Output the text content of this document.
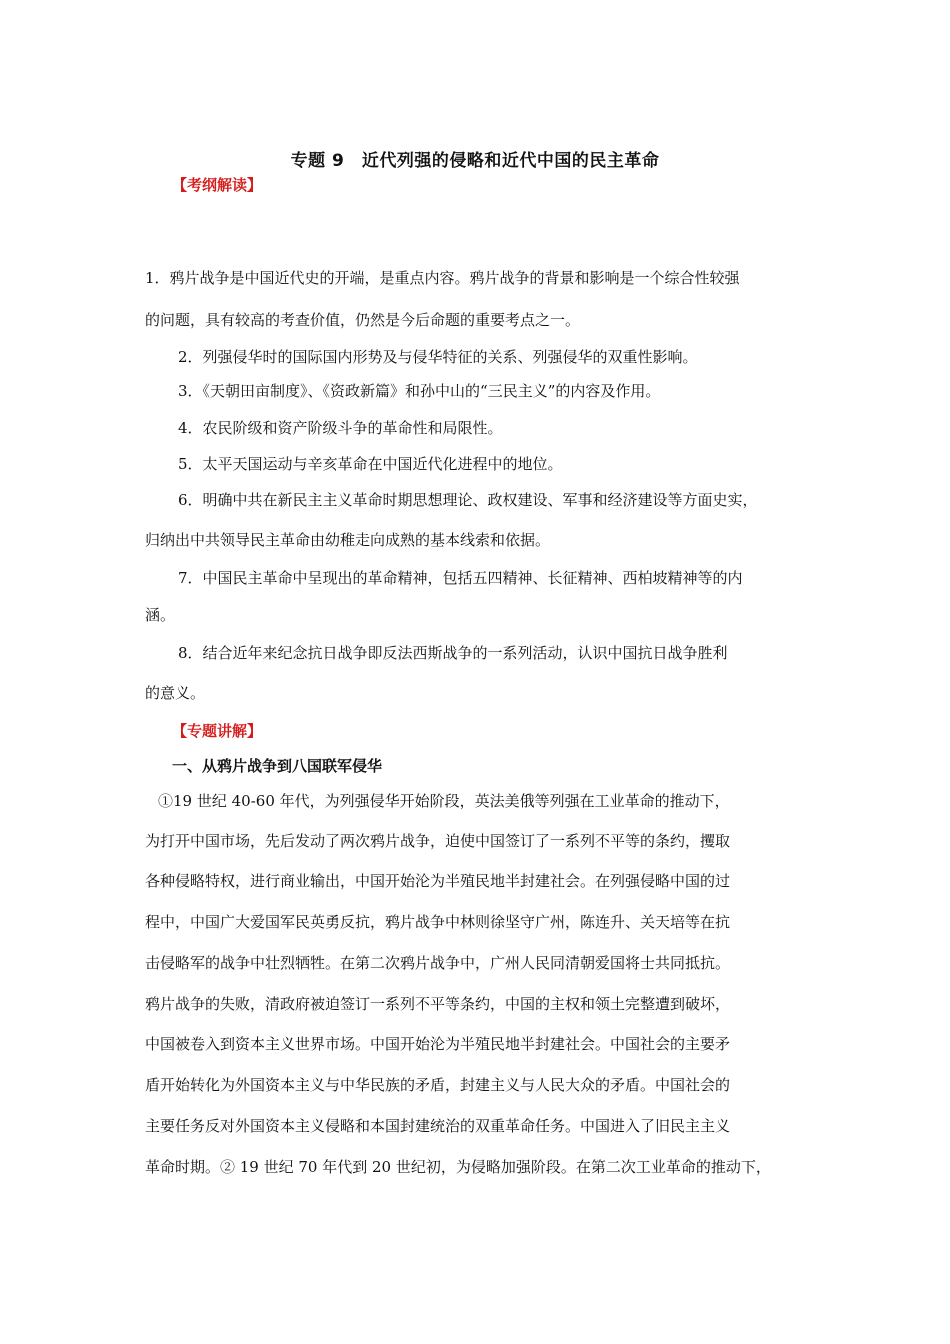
专题 9　近代列强的侵略和近代中国的民主革命
【考纲解读】
1．鸦片战争是中国近代史的开端，是重点内容。鸦片战争的背景和影响是一个综合性较强
的问题，具有较高的考查价值，仍然是今后命题的重要考点之一。
2．列强侵华时的国际国内形势及与侵华特征的关系、列强侵华的双重性影响。
3．《天朝田亩制度》、《资政新篇》和孙中山的“三民主义”的内容及作用。
4．农民阶级和资产阶级斗争的革命性和局限性。
5．太平天国运动与辛亥革命在中国近代化进程中的地位。
6．明确中共在新民主主义革命时期思想理论、政权建设、军事和经济建设等方面史实，
归纳出中共领导民主革命由幼稚走向成熟的基本线索和依据。
7．中国民主革命中呈现出的革命精神，包括五四精神、长征精神、西柏坡精神等的内
涵。
8．结合近年来纪念抗日战争即反法西斯战争的一系列活动，认识中国抗日战争胜利
的意义。
【专题讲解】
一、从鸦片战争到八国联军侵华
①19 世纪 40-60 年代，为列强侵华开始阶段，英法美俄等列强在工业革命的推动下，
为打开中国市场，先后发动了两次鸦片战争，迫使中国签订了一系列不平等的条约，攫取
各种侵略特权，进行商业输出，中国开始沦为半殖民地半封建社会。在列强侵略中国的过
程中，中国广大爱国军民英勇反抗，鸦片战争中林则徐坚守广州，陈连升、关天培等在抗
击侵略军的战争中壮烈牺牲。在第二次鸦片战争中，广州人民同清朝爱国将士共同抵抗。
鸦片战争的失败，清政府被迫签订一系列不平等条约，中国的主权和领土完整遭到破坏，
中国被卷入到资本主义世界市场。中国开始沦为半殖民地半封建社会。中国社会的主要矛
盾开始转化为外国资本主义与中华民族的矛盾，封建主义与人民大众的矛盾。中国社会的
主要任务反对外国资本主义侵略和本国封建统治的双重革命任务。中国进入了旧民主主义
革命时期。② 19 世纪 70 年代到 20 世纪初，为侵略加强阶段。在第二次工业革命的推动下，
